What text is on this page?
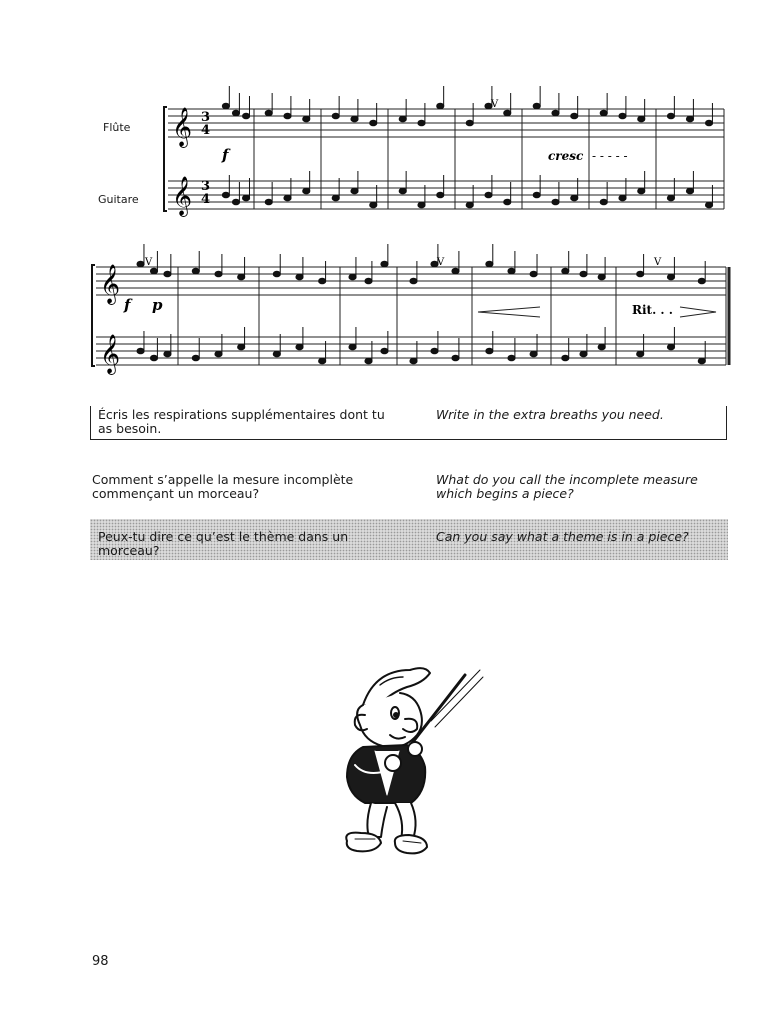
Flûte
Guitare
𝄞
𝄞
𝄞
𝄞
3
4
3
4
f
f p
cresc - - - - -
Rit. . .
V
V	V	V
Écris les respirations supplémentaires dont tu as besoin.
Write in the extra breaths you need.
Comment s’appelle la mesure incomplète commençant un morceau?
What do you call the incomplete measure which begins a piece?
Peux-tu dire ce qu’est le thème dans un morceau?
Can you say what a theme is in a piece?
98
